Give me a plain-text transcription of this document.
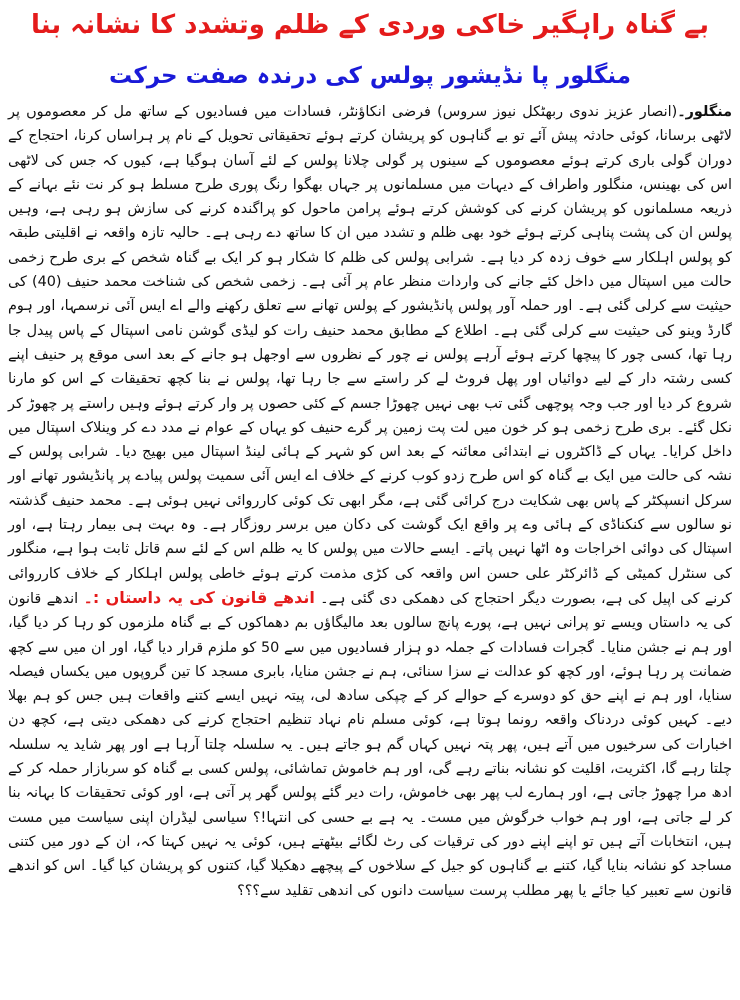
بے گناہ راہگیر خاکی وردی کے ظلم وتشدد کا نشانہ بنا
منگلور پا نڈیشور پولس کی درندہ صفت حرکت

منگلور۔(انصار عزیز ندوی ربھٹکل نیوز سروس) فرضی انکاؤنٹر، فسادات میں فسادیوں کے ساتھ مل کر معصوموں پر لاٹھی برسانا، کوئی حادثہ پیش آئے تو بے گناہوں کو پریشان کرتے ہوئے تحقیقاتی تحویل کے نام پر ہراساں کرنا، احتجاج کے دوران گولی باری کرتے ہوئے معصوموں کے سینوں پر گولی چلانا پولس کے لئے آسان ہوگیا ہے، کیوں کہ جس کی لاٹھی اس کی بھینس، منگلور واطراف کے دیہات میں مسلمانوں پر جہاں بھگوا رنگ پوری طرح مسلط ہو کر نت نئے بہانے کے ذریعہ مسلمانوں کو پریشان کرنے کی کوشش کرتے ہوئے پرامن ماحول کو پراگندہ کرنے کی سازش ہو رہی ہے، وہیں پولس ان کی پشت پناہی کرتے ہوئے خود بھی ظلم و تشدد میں ان کا ساتھ دے رہی ہے۔ حالیہ تازہ واقعہ نے اقلیتی طبقہ کو پولس اہلکار سے خوف زدہ کر دیا ہے۔ شرابی پولس کی ظلم کا شکار ہو کر ایک بے گناہ شخص کے بری طرح زخمی حالت میں اسپتال میں داخل کئے جانے کی واردات منظر عام پر آئی ہے۔ زخمی شخص کی شناخت محمد حنیف (40) کی حیثیت سے کرلی گئی ہے۔ اور حملہ آور پولس پانڈیشور کے پولس تھانے سے تعلق رکھنے والے اے ایس آئی نرسمہا، اور ہوم گارڈ وینو کی حیثیت سے کرلی گئی ہے۔ اطلاع کے مطابق محمد حنیف رات کو لیڈی گوشن نامی اسپتال کے پاس پیدل جا رہا تھا، کسی چور کا پیچھا کرتے ہوئے آرہے پولس نے چور کے نظروں سے اوجھل ہو جانے کے بعد اسی موقع پر حنیف اپنے کسی رشتہ دار کے لیے دوائیاں اور پھل فروٹ لے کر راستے سے جا رہا تھا، پولس نے بنا کچھ تحقیقات کے اس کو مارنا شروع کر دیا اور جب وجہ پوچھی گئی تب بھی نہیں چھوڑا جسم کے کئی حصوں پر وار کرتے ہوئے وہیں راستے پر چھوڑ کر نکل گئے۔ بری طرح زخمی ہو کر خون میں لت پت زمین پر گرے حنیف کو یہاں کے عوام نے مدد دے کر وینلاک اسپتال میں داخل کرایا۔ یہاں کے ڈاکٹروں نے ابتدائی معائنہ کے بعد اس کو شہر کے ہائی لینڈ اسپتال میں بھیج دیا۔ شرابی پولس کے نشہ کی حالت میں ایک بے گناہ کو اس طرح زدو کوب کرنے کے خلاف اے ایس آئی سمیت پولس پیادے پر پانڈیشور تھانے اور سرکل انسپکٹر کے پاس بھی شکایت درج کرائی گئی ہے، مگر ابھی تک کوئی کارروائی نہیں ہوئی ہے۔ محمد حنیف گذشتہ نو سالوں سے کنکناڈی کے ہائی وے پر واقع ایک گوشت کی دکان میں برسر روزگار ہے۔ وہ بہت ہی بیمار رہتا ہے، اور اسپتال کی دوائی اخراجات وہ اٹھا نہیں پاتے۔ ایسے حالات میں پولس کا یہ ظلم اس کے لئے سم قاتل ثابت ہوا ہے، منگلور کی سنٹرل کمیٹی کے ڈائرکٹر علی حسن اس واقعہ کی کڑی مذمت کرتے ہوئے خاطی پولس اہلکار کے خلاف کارروائی کرنے کی اپیل کی ہے، بصورت دیگر احتجاج کی دھمکی دی گئی ہے۔ اندھے قانون کی یہ داستاں :۔ اندھے قانون کی یہ داستاں ویسے تو پرانی نہیں ہے، پورے پانچ سالوں بعد مالیگاؤں بم دھماکوں کے بے گناہ ملزموں کو رہا کر دیا گیا، اور ہم نے جشن منایا۔ گجرات فسادات کے جملہ دو ہزار فسادیوں میں سے 50 کو ملزم قرار دیا گیا، اور ان میں سے کچھ ضمانت پر رہا ہوئے، اور کچھ کو عدالت نے سزا سنائی، ہم نے جشن منایا، بابری مسجد کا تین گروپوں میں یکساں فیصلہ سنایا، اور ہم نے اپنے حق کو دوسرے کے حوالے کر کے چپکی سادھ لی، پیتہ نہیں ایسے کتنے واقعات ہیں جس کو ہم بھلا دیے۔ کہیں کوئی دردناک واقعہ رونما ہوتا ہے، کوئی مسلم نام نہاد تنظیم احتجاج کرنے کی دھمکی دیتی ہے، کچھ دن اخبارات کی سرخیوں میں آتے ہیں، پھر پتہ نہیں کہاں گم ہو جاتے ہیں۔ یہ سلسلہ چلتا آرہا ہے اور پھر شاید یہ سلسلہ چلتا رہے گا، اکثریت، اقلیت کو نشانہ بناتے رہے گی، اور ہم خاموش تماشائی، پولس کسی بے گناہ کو سربازار حملہ کر کے ادھ مرا چھوڑ جاتی ہے، اور ہمارے لب پھر بھی خاموش، رات دیر گئے پولس گھر پر آتی ہے، اور کوئی تحقیقات کا بہانہ بنا کر لے جاتی ہے، اور ہم خواب خرگوش میں مست۔ یہ ہے بے حسی کی انتہا!؟ سیاسی لیڈران اپنی سیاست میں مست ہیں، انتخابات آتے ہیں تو اپنے اپنے دور کی ترقیات کی رٹ لگائے بیٹھتے ہیں، کوئی یہ نہیں کہتا کہ، ان کے دور میں کتنی مساجد کو نشانہ بنایا گیا، کتنے بے گناہوں کو جیل کے سلاخوں کے پیچھے دھکیلا گیا، کتنوں کو پریشان کیا گیا۔ اس کو اندھے قانون سے تعبیر کیا جائے یا پھر مطلب پرست سیاست دانوں کی اندھی تقلید سے؟؟؟
